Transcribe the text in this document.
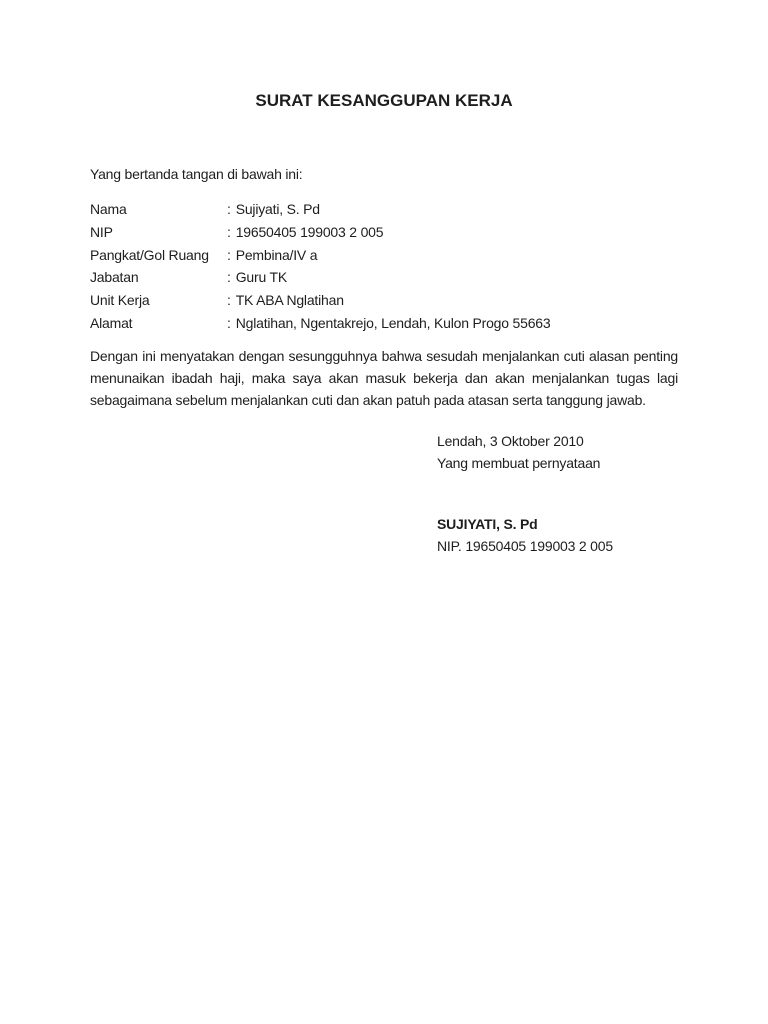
SURAT KESANGGUPAN KERJA

Yang bertanda tangan di bawah ini:

Nama	: Sujiyati, S. Pd
NIP	: 19650405 199003 2 005
Pangkat/Gol Ruang	: Pembina/IV a
Jabatan	: Guru TK
Unit Kerja	: TK ABA Nglatihan
Alamat	: Nglatihan, Ngentakrejo, Lendah, Kulon Progo 55663

Dengan ini menyatakan dengan sesungguhnya bahwa sesudah menjalankan cuti alasan penting menunaikan ibadah haji, maka saya akan masuk bekerja dan akan menjalankan tugas lagi sebagaimana sebelum menjalankan cuti dan akan patuh pada atasan serta tanggung jawab.

Lendah, 3 Oktober 2010
Yang membuat pernyataan
SUJIYATI, S. Pd
NIP. 19650405 199003 2 005
